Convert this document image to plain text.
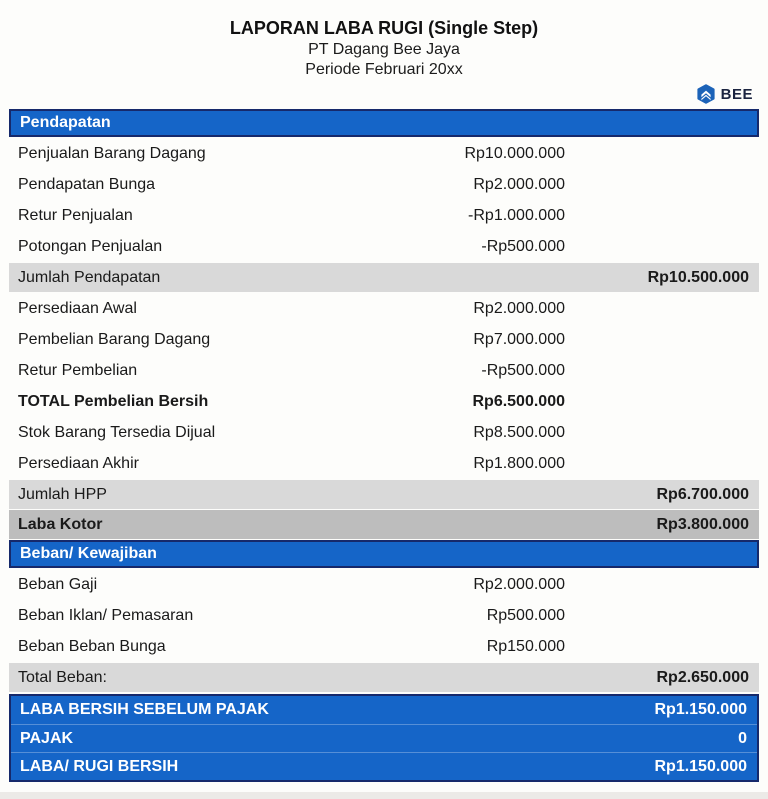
LAPORAN LABA RUGI (Single Step)
PT Dagang Bee Jaya
Periode Februari 20xx
BEE
Pendapatan
Penjualan Barang Dagang	Rp10.000.000
Pendapatan Bunga	Rp2.000.000
Retur Penjualan	-Rp1.000.000
Potongan Penjualan	-Rp500.000
Jumlah Pendapatan	Rp10.500.000
Persediaan Awal	Rp2.000.000
Pembelian Barang Dagang	Rp7.000.000
Retur Pembelian	-Rp500.000
TOTAL Pembelian Bersih	Rp6.500.000
Stok Barang Tersedia Dijual	Rp8.500.000
Persediaan Akhir	Rp1.800.000
Jumlah HPP	Rp6.700.000
Laba Kotor	Rp3.800.000
Beban/ Kewajiban
Beban Gaji	Rp2.000.000
Beban Iklan/ Pemasaran	Rp500.000
Beban Beban Bunga	Rp150.000
Total Beban:	Rp2.650.000
LABA BERSIH SEBELUM PAJAK	Rp1.150.000
PAJAK	0
LABA/ RUGI BERSIH	Rp1.150.000
